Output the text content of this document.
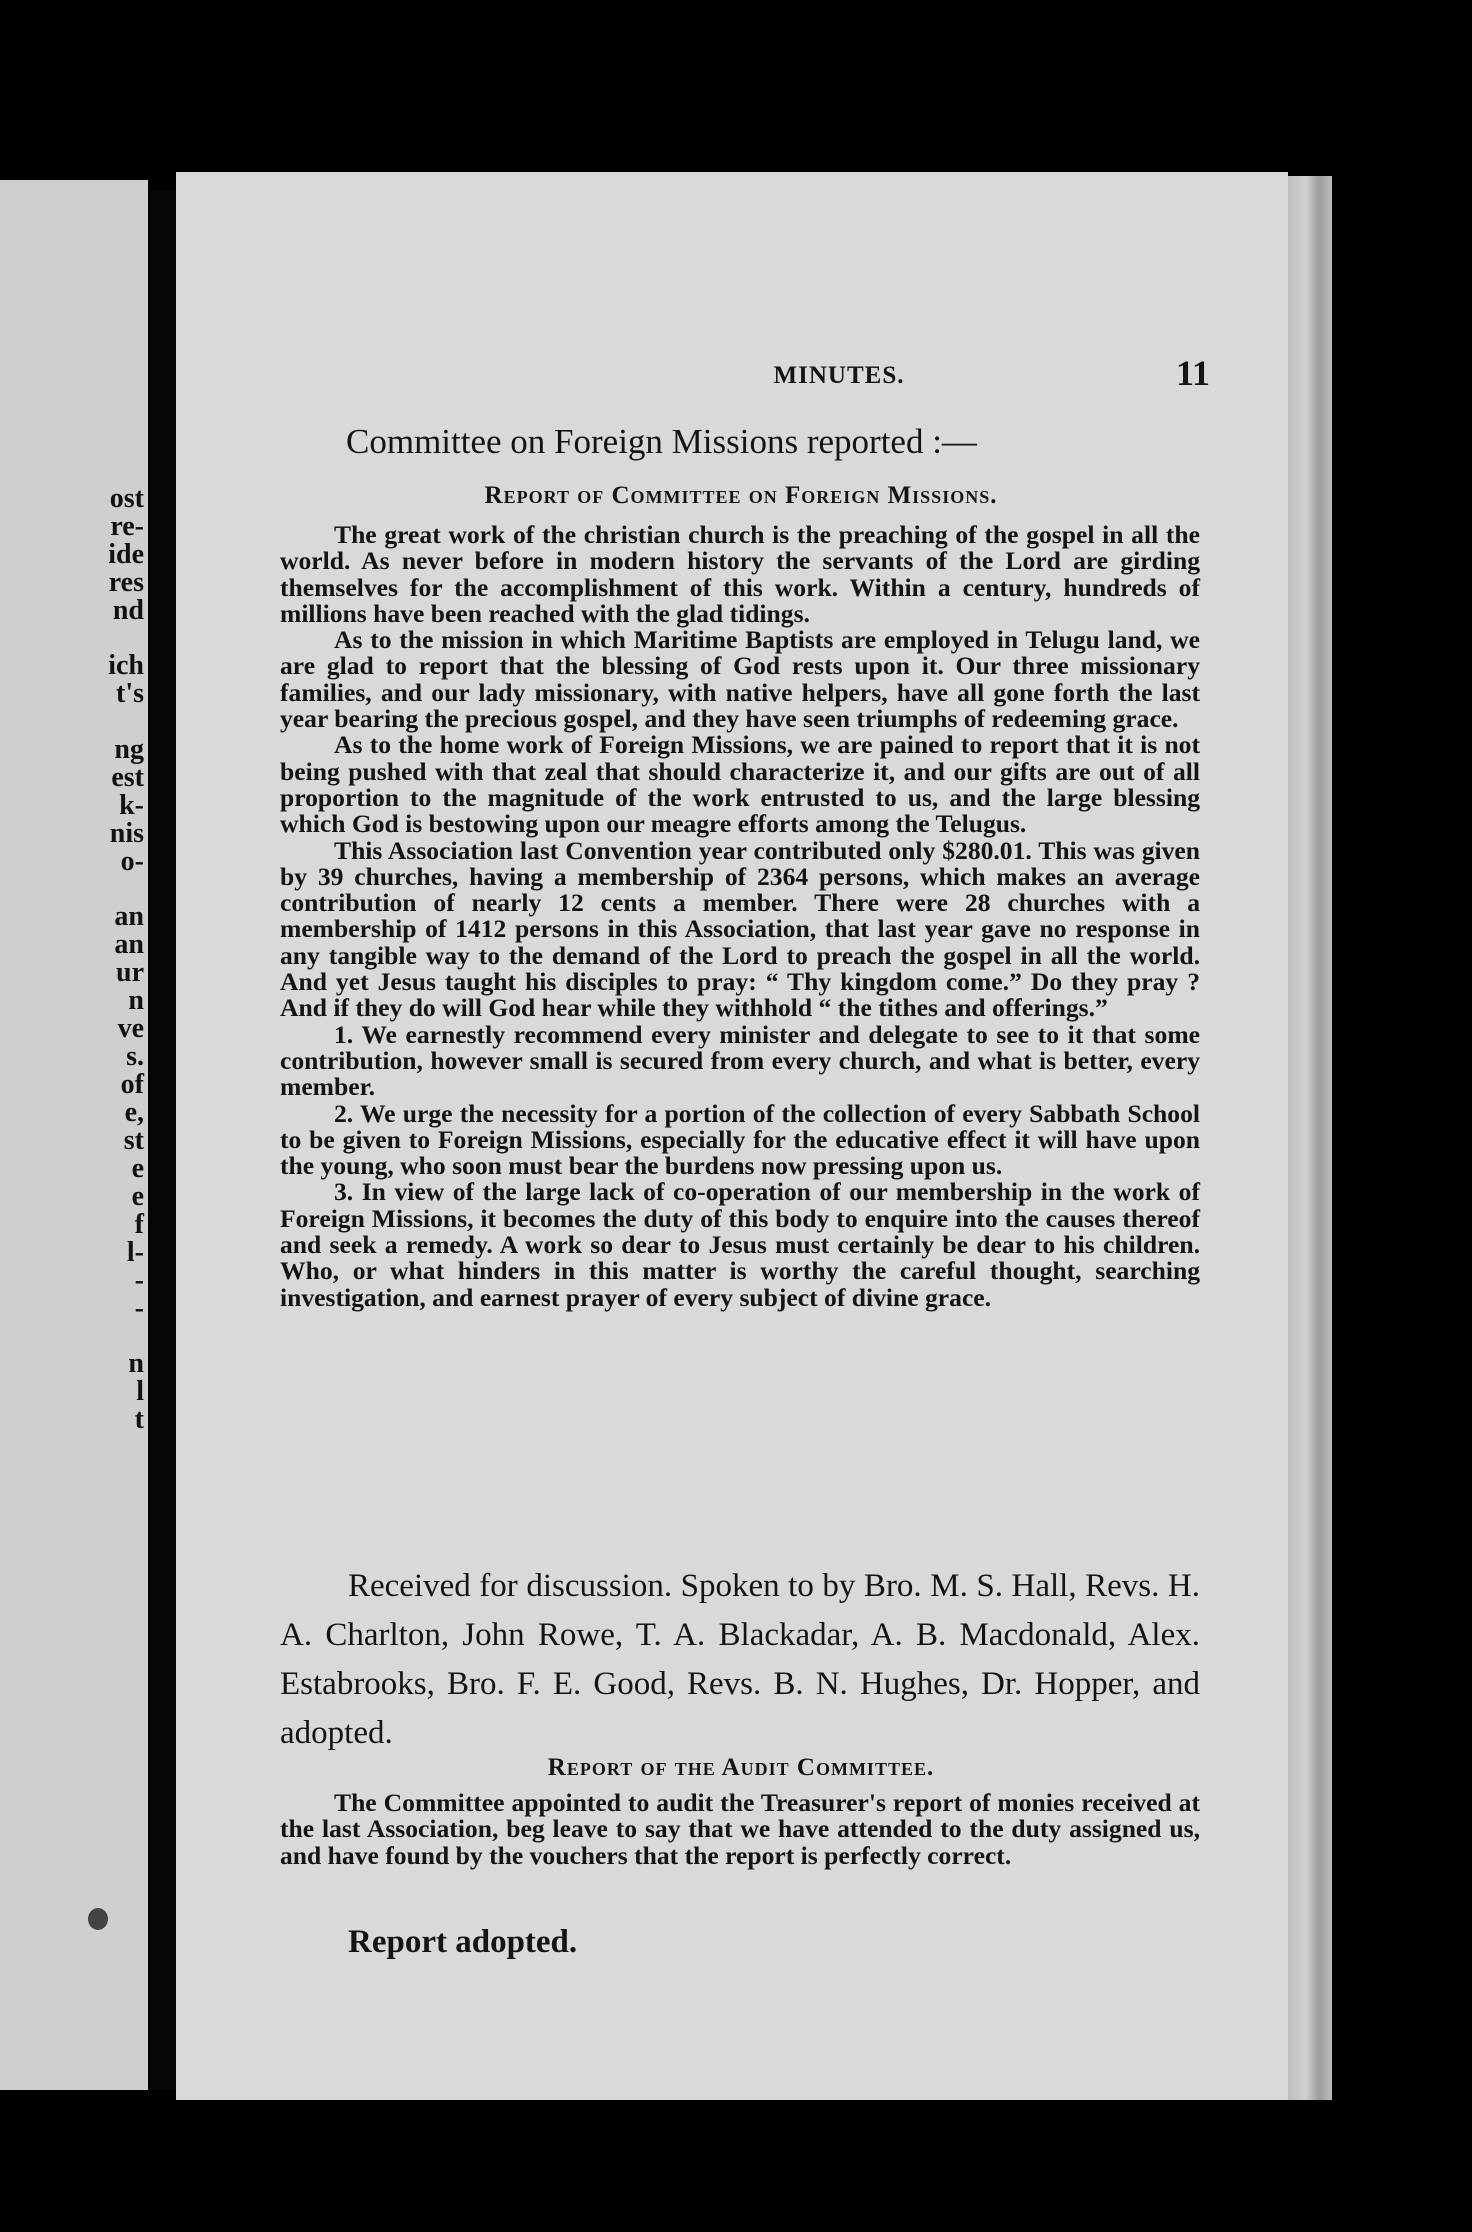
ost
re-
ide
res
nd
ich
t's
ng
est
k-
nis
o-
an
an
ur
n
ve
s.
of
e,
st
e
e
f
l-
-
-
n
l
t
MINUTES.	11
Committee on Foreign Missions reported :—
Report of Committee on Foreign Missions.

The great work of the christian church is the preaching of the gospel in all the world. As never before in modern history the servants of the Lord are girding themselves for the accomplishment of this work. Within a century, hundreds of millions have been reached with the glad tidings.

As to the mission in which Maritime Baptists are employed in Telugu land, we are glad to report that the blessing of God rests upon it. Our three missionary families, and our lady missionary, with native helpers, have all gone forth the last year bearing the precious gospel, and they have seen triumphs of redeeming grace.

As to the home work of Foreign Missions, we are pained to report that it is not being pushed with that zeal that should characterize it, and our gifts are out of all proportion to the magnitude of the work entrusted to us, and the large blessing which God is bestowing upon our meagre efforts among the Telugus.

This Association last Convention year contributed only $280.01. This was given by 39 churches, having a membership of 2364 persons, which makes an average contribution of nearly 12 cents a member. There were 28 churches with a membership of 1412 persons in this Association, that last year gave no response in any tangible way to the demand of the Lord to preach the gospel in all the world. And yet Jesus taught his disciples to pray: “ Thy kingdom come.” Do they pray ? And if they do will God hear while they withhold “ the tithes and offerings.”

1. We earnestly recommend every minister and delegate to see to it that some contribution, however small is secured from every church, and what is better, every member.

2. We urge the necessity for a portion of the collection of every Sabbath School to be given to Foreign Missions, especially for the educative effect it will have upon the young, who soon must bear the burdens now pressing upon us.

3. In view of the large lack of co-operation of our membership in the work of Foreign Missions, it becomes the duty of this body to enquire into the causes thereof and seek a remedy. A work so dear to Jesus must certainly be dear to his children. Who, or what hinders in this matter is worthy the careful thought, searching investigation, and earnest prayer of every subject of divine grace.

Received for discussion. Spoken to by Bro. M. S. Hall, Revs. H. A. Charlton, John Rowe, T. A. Blackadar, A. B. Macdonald, Alex. Estabrooks, Bro. F. E. Good, Revs. B. N. Hughes, Dr. Hopper, and adopted.

Report of the Audit Committee.

The Committee appointed to audit the Treasurer's report of monies received at the last Association, beg leave to say that we have attended to the duty assigned us, and have found by the vouchers that the report is perfectly correct.

Report adopted.
